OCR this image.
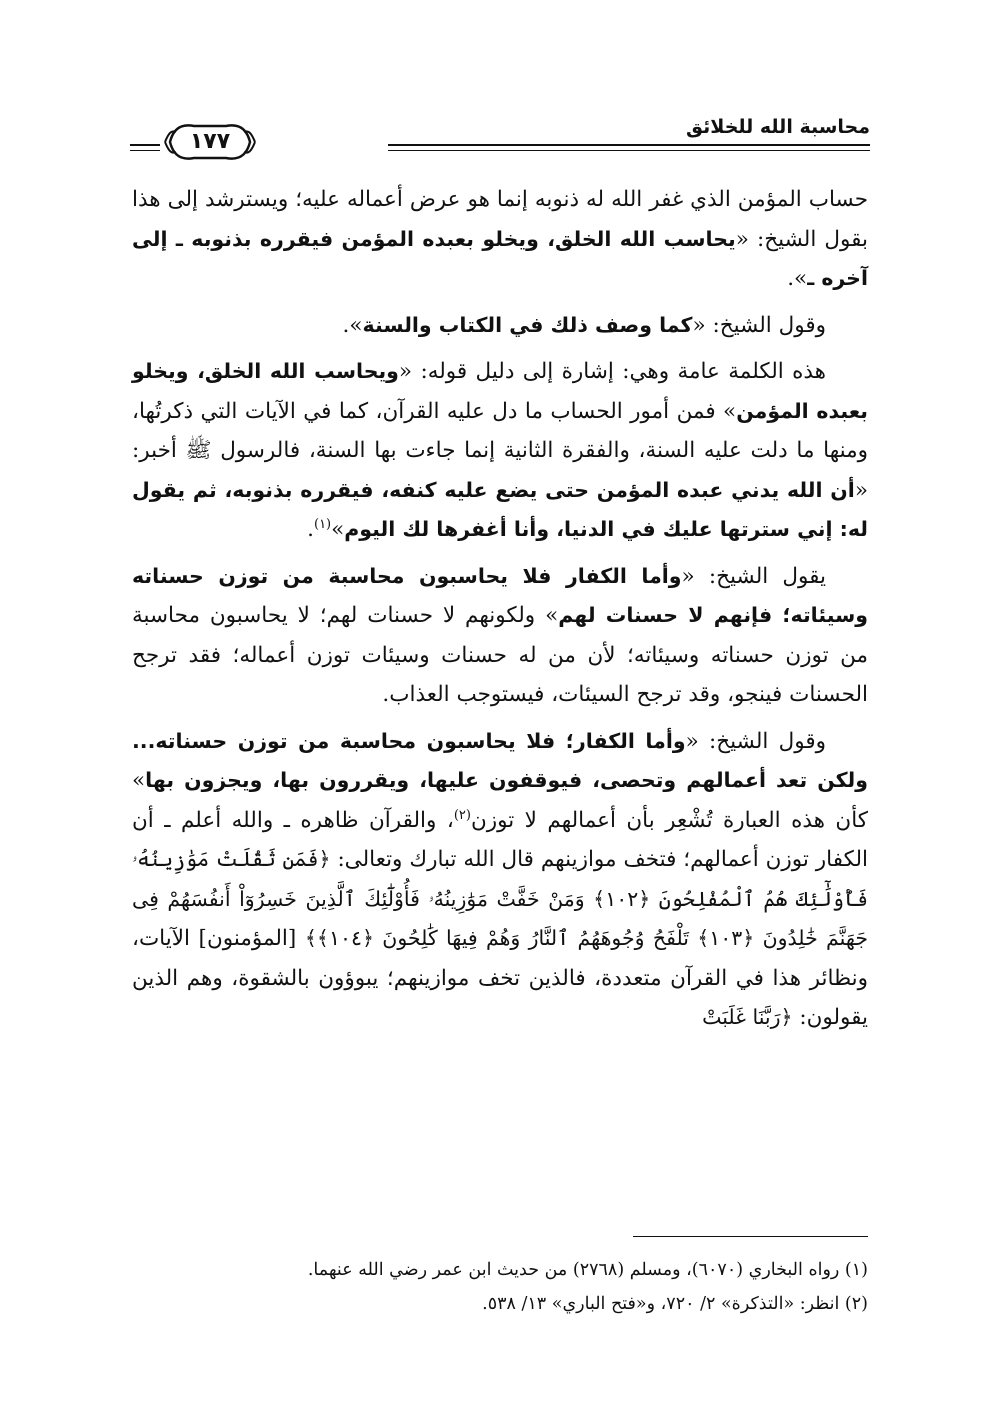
محاسبة الله للخلائق
١٧٧

حساب المؤمن الذي غفر الله له ذنوبه إنما هو عرض أعماله عليه؛ ويسترشد إلى هذا بقول الشيخ: «يحاسب الله الخلق، ويخلو بعبده المؤمن فيقرره بذنوبه ـ إلى آخره ـ».

وقول الشيخ: «كما وصف ذلك في الكتاب والسنة».

هذه الكلمة عامة وهي: إشارة إلى دليل قوله: «ويحاسب الله الخلق، ويخلو بعبده المؤمن» فمن أمور الحساب ما دل عليه القرآن، كما في الآيات التي ذكرتُها، ومنها ما دلت عليه السنة، والفقرة الثانية إنما جاءت بها السنة، فالرسول ﷺ أخبر: «أن الله يدني عبده المؤمن حتى يضع عليه كنفه، فيقرره بذنوبه، ثم يقول له: إني سترتها عليك في الدنيا، وأنا أغفرها لك اليوم»$^{(١)}$.

يقول الشيخ: «وأما الكفار فلا يحاسبون محاسبة من توزن حسناته وسيئاته؛ فإنهم لا حسنات لهم» ولكونهم لا حسنات لهم؛ لا يحاسبون محاسبة من توزن حسناته وسيئاته؛ لأن من له حسنات وسيئات توزن أعماله؛ فقد ترجح الحسنات فينجو، وقد ترجح السيئات، فيستوجب العذاب.

وقول الشيخ: «وأما الكفار؛ فلا يحاسبون محاسبة من توزن حسناته... ولكن تعد أعمالهم وتحصى، فيوقفون عليها، ويقررون بها، ويجزون بها» كأن هذه العبارة تُشْعِر بأن أعمالهم لا توزن$^{(٢)}$، والقرآن ظاهره ـ والله أعلم ـ أن الكفار توزن أعمالهم؛ فتخف موازينهم قال الله تبارك وتعالى: ﴿فَمَن ثَقُلَتْ مَوَٰزِينُهُۥ فَأُوْلَٰٓئِكَ هُمُ ٱلْمُفْلِحُونَ ﴿١٠٢﴾ وَمَنْ خَفَّتْ مَوَٰزِينُهُۥ فَأُوْلَٰٓئِكَ ٱلَّذِينَ خَسِرُوٓاْ أَنفُسَهُمْ فِى جَهَنَّمَ خَٰلِدُونَ ﴿١٠٣﴾ تَلْفَحُ وُجُوهَهُمُ ٱلنَّارُ وَهُمْ فِيهَا كَٰلِحُونَ ﴿١٠٤﴾﴾ [المؤمنون] الآيات، ونظائر هذا في القرآن متعددة، فالذين تخف موازينهم؛ يبوؤون بالشقوة، وهم الذين يقولون: ﴿رَبَّنَا غَلَبَتْ

(١) رواه البخاري (٦٠٧٠)، ومسلم (٢٧٦٨) من حديث ابن عمر رضي الله عنهما.
(٢) انظر: «التذكرة» ٢/ ٧٢٠، و«فتح الباري» ١٣/ ٥٣٨.
